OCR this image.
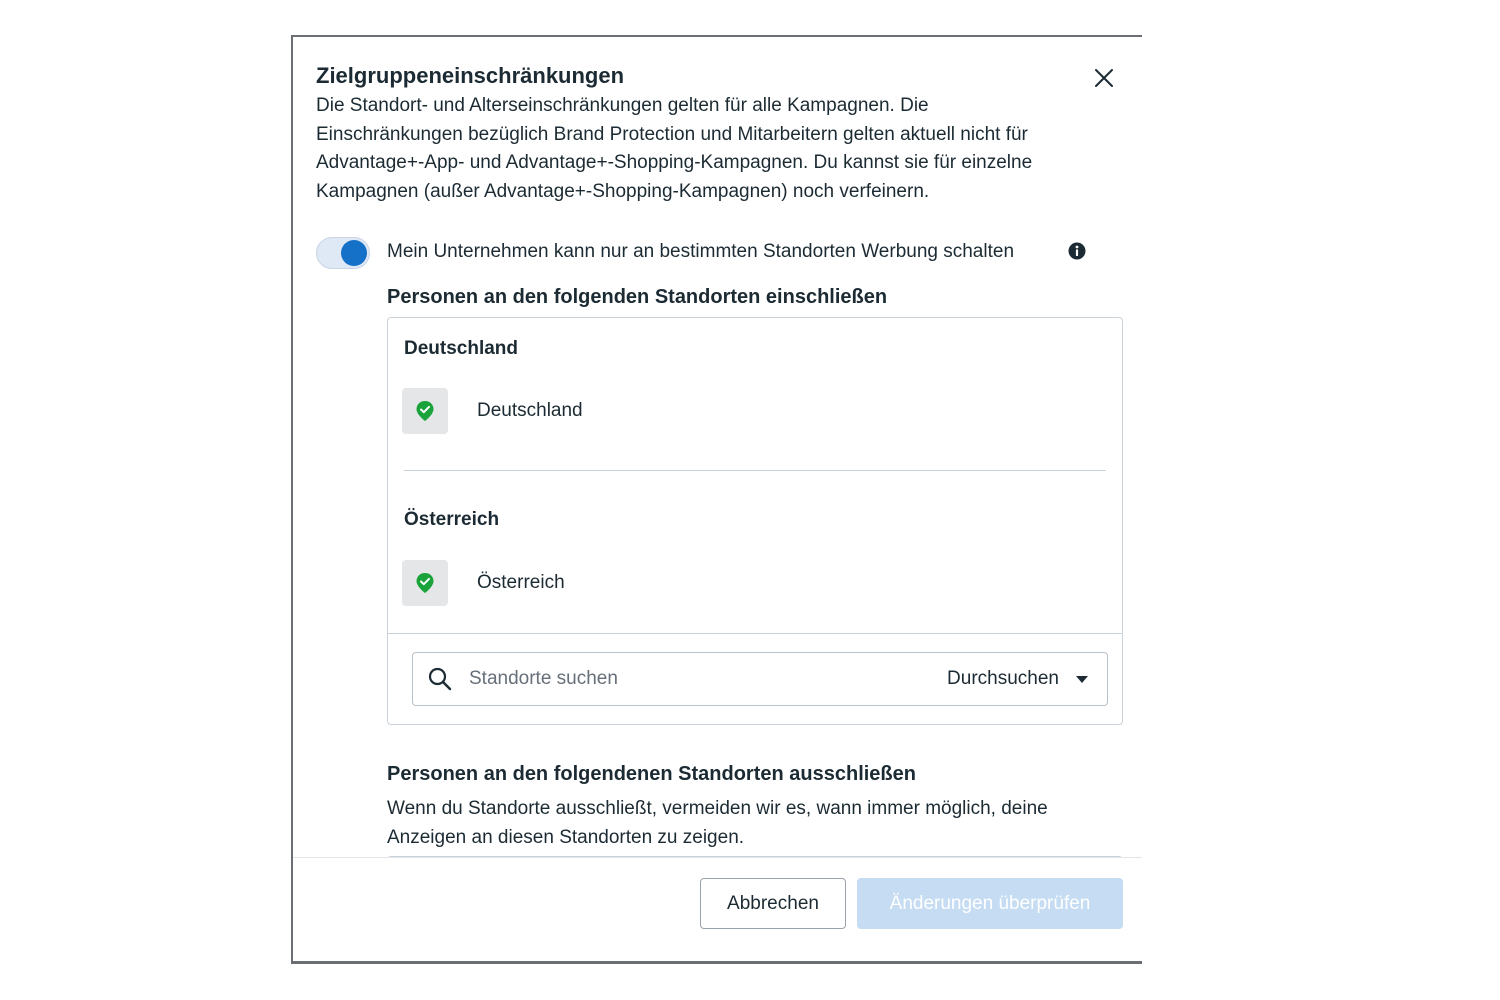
Zielgruppeneinschränkungen

Die Standort- und Alterseinschränkungen gelten für alle Kampagnen. Die Einschränkungen bezüglich Brand Protection und Mitarbeitern gelten aktuell nicht für Advantage+-App- und Advantage+-Shopping-Kampagnen. Du kannst sie für einzelne Kampagnen (außer Advantage+-Shopping-Kampagnen) noch verfeinern.

Mein Unternehmen kann nur an bestimmten Standorten Werbung schalten
Personen an den folgenden Standorten einschließen
Deutschland
Deutschland
Österreich
Österreich
Standorte suchen
Durchsuchen
Personen an den folgendenen Standorten ausschließen

Wenn du Standorte ausschließt, vermeiden wir es, wann immer möglich, deine Anzeigen an diesen Standorten zu zeigen.

Abbrechen	Änderungen überprüfen
